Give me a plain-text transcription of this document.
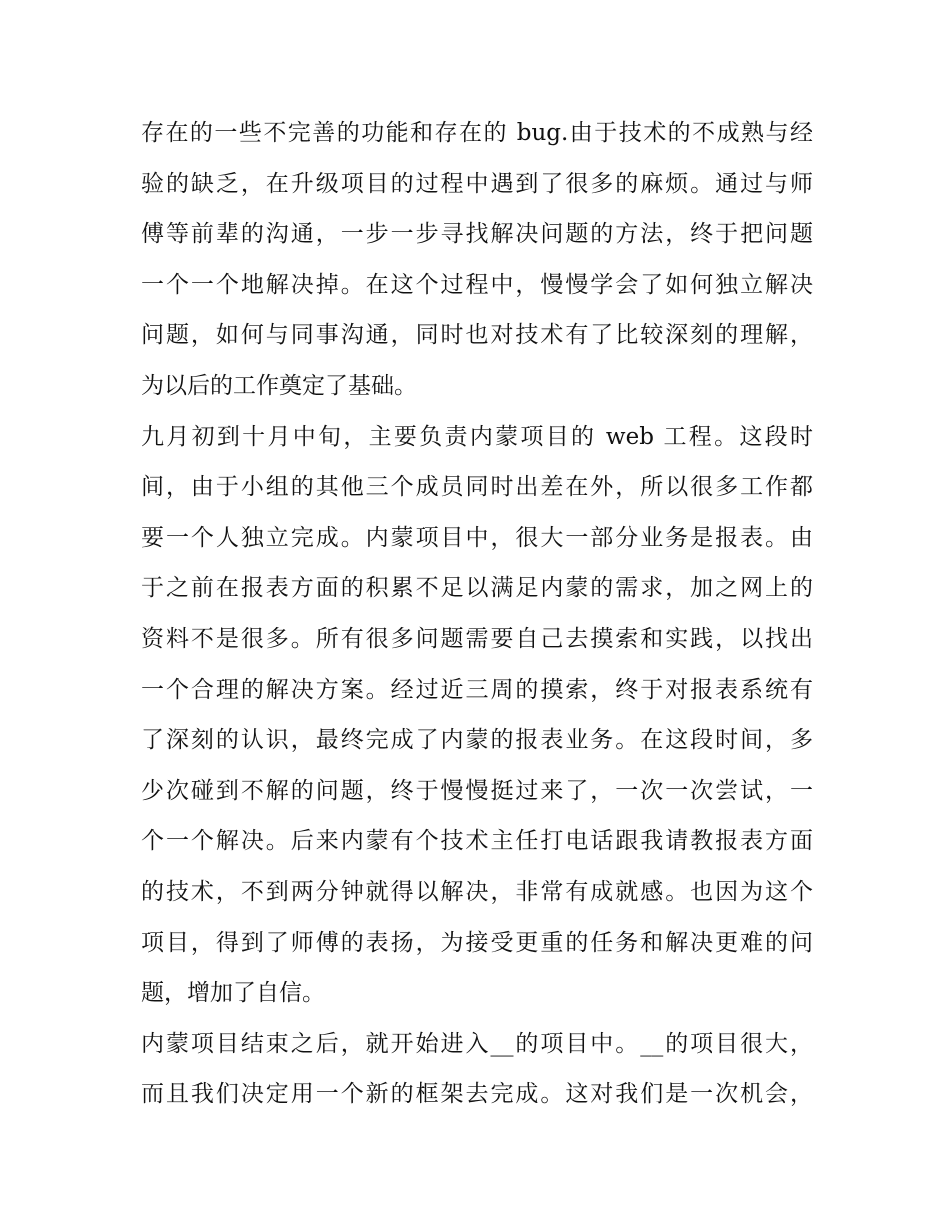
存在的一些不完善的功能和存在的 bug.由于技术的不成熟与经
验的缺乏，在升级项目的过程中遇到了很多的麻烦。通过与师
傅等前辈的沟通，一步一步寻找解决问题的方法，终于把问题
一个一个地解决掉。在这个过程中，慢慢学会了如何独立解决
问题，如何与同事沟通，同时也对技术有了比较深刻的理解，
为以后的工作奠定了基础。
九月初到十月中旬，主要负责内蒙项目的 web 工程。这段时
间，由于小组的其他三个成员同时出差在外，所以很多工作都
要一个人独立完成。内蒙项目中，很大一部分业务是报表。由
于之前在报表方面的积累不足以满足内蒙的需求，加之网上的
资料不是很多。所有很多问题需要自己去摸索和实践，以找出
一个合理的解决方案。经过近三周的摸索，终于对报表系统有
了深刻的认识，最终完成了内蒙的报表业务。在这段时间，多
少次碰到不解的问题，终于慢慢挺过来了，一次一次尝试，一
个一个解决。后来内蒙有个技术主任打电话跟我请教报表方面
的技术，不到两分钟就得以解决，非常有成就感。也因为这个
项目，得到了师傅的表扬，为接受更重的任务和解决更难的问
题，增加了自信。
内蒙项目结束之后，就开始进入__的项目中。__的项目很大，
而且我们决定用一个新的框架去完成。这对我们是一次机会，
